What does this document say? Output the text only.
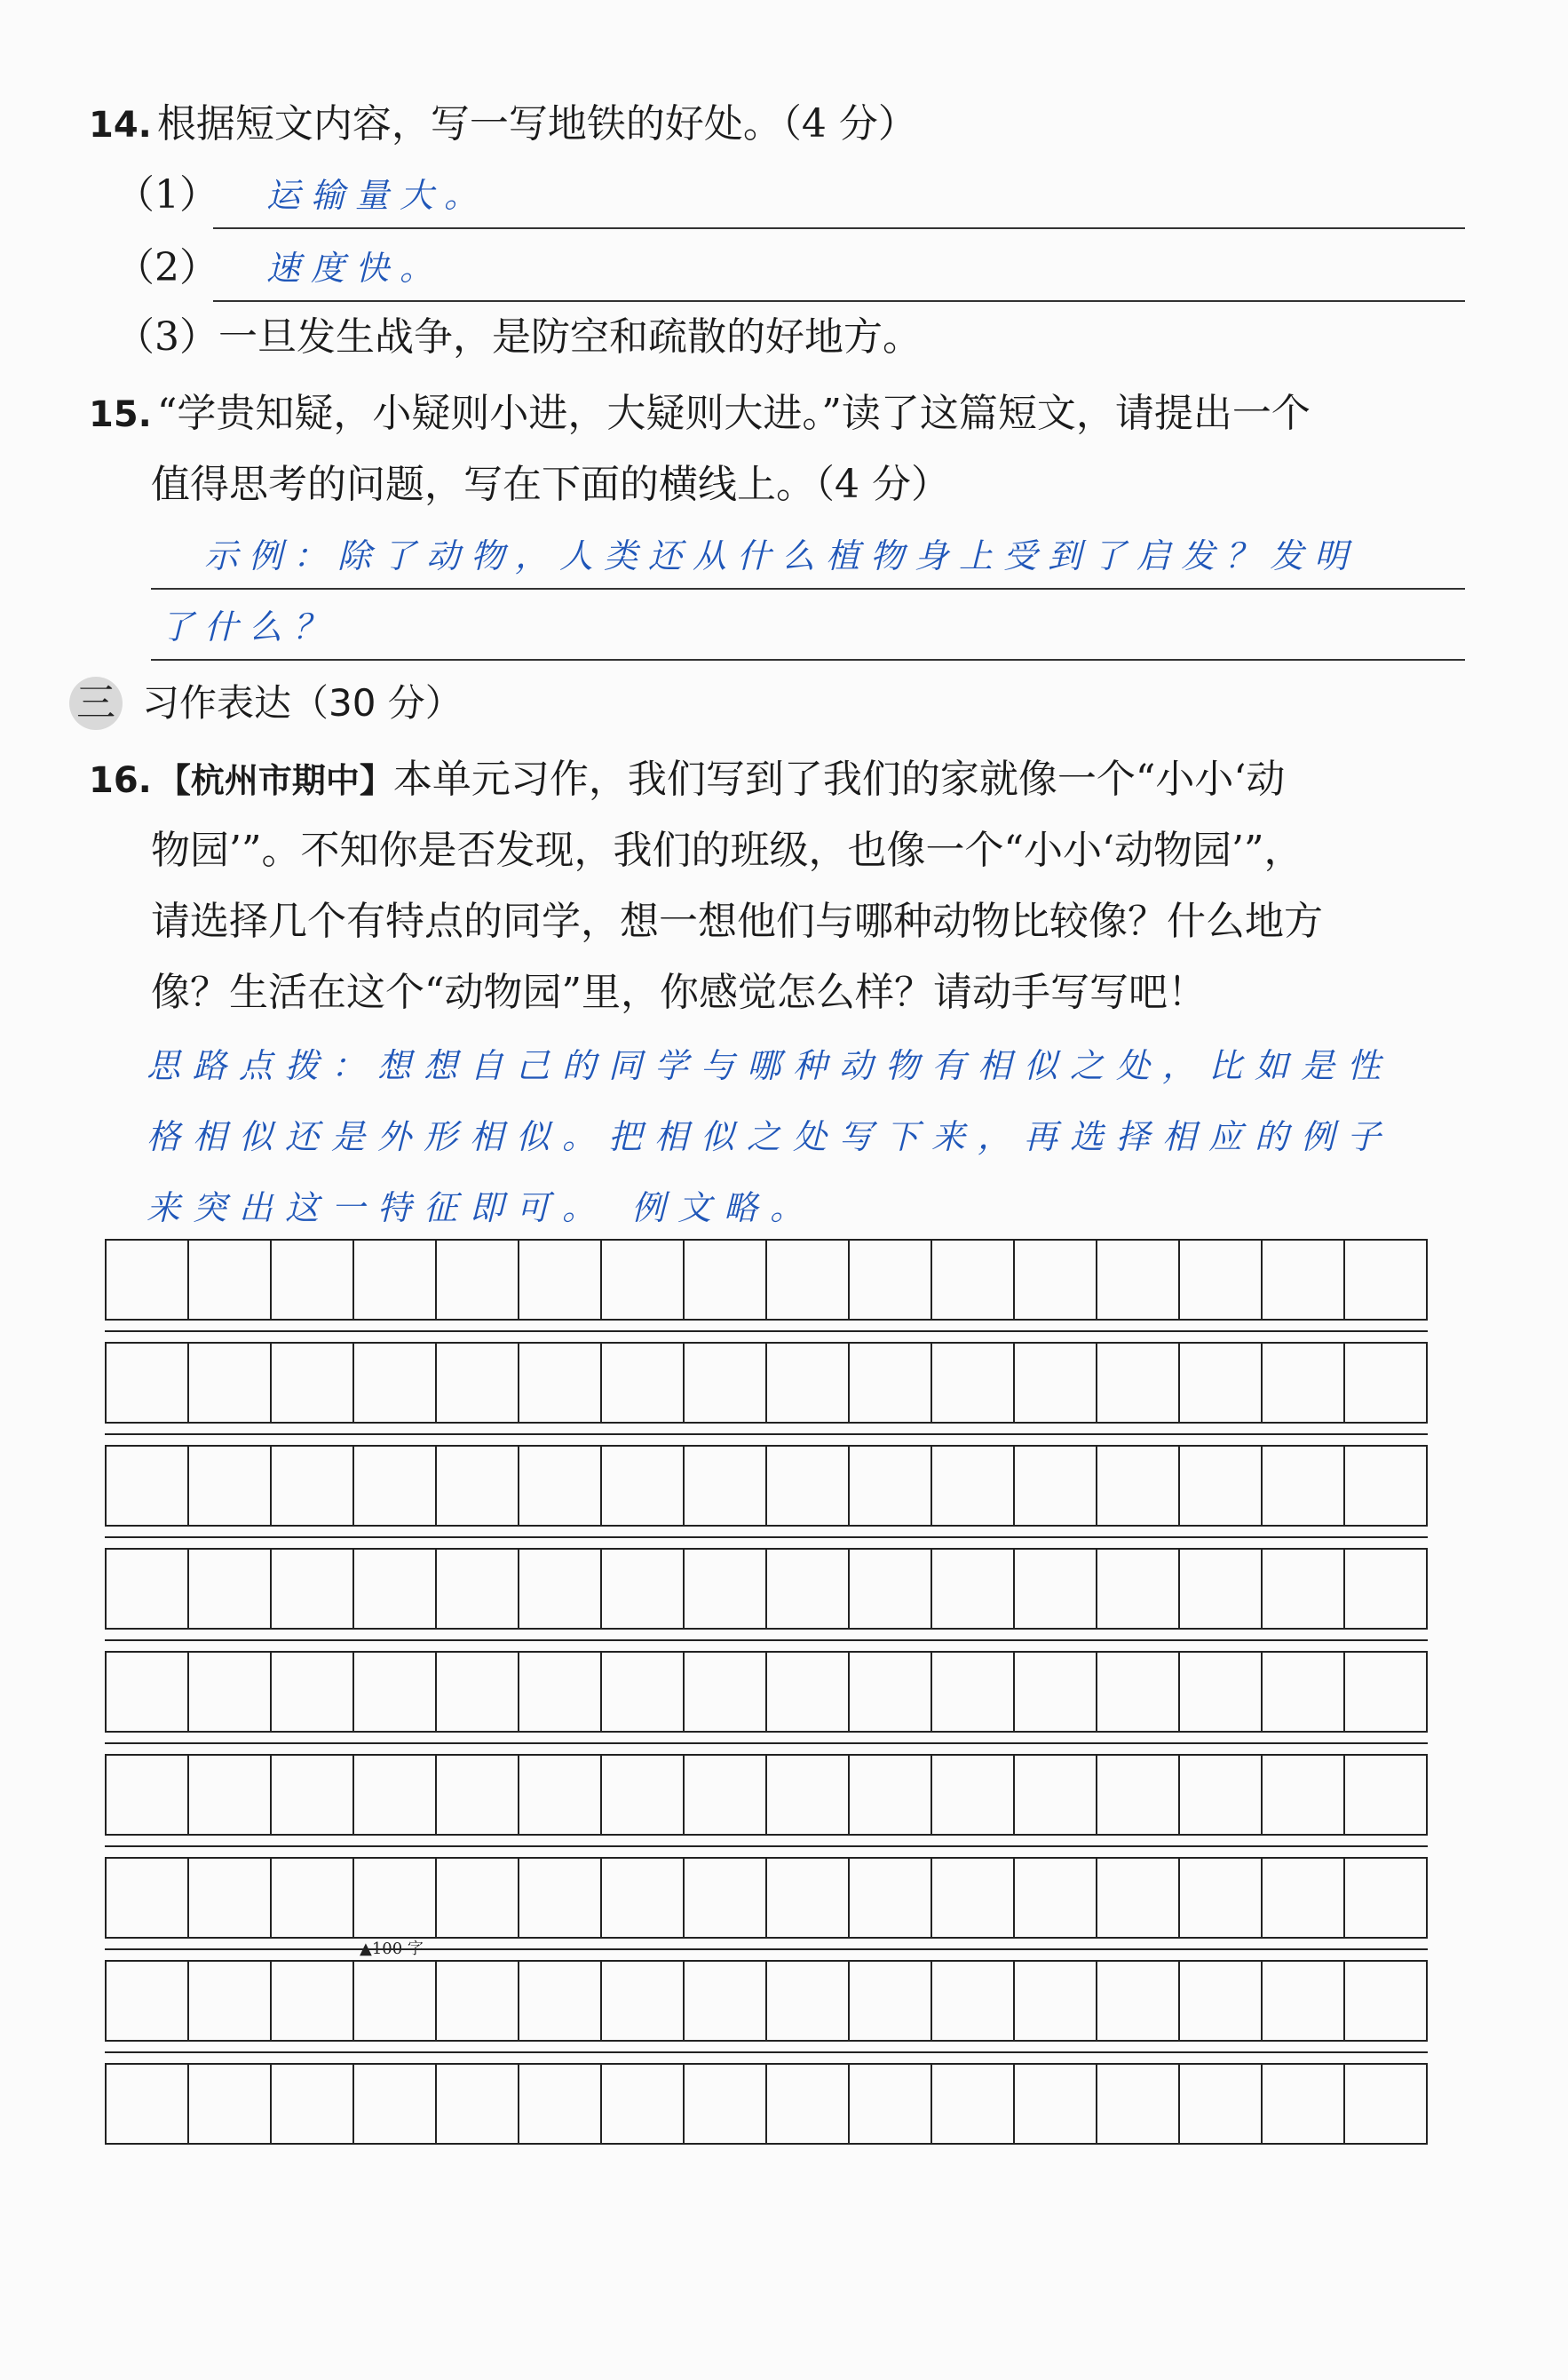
14. 根据短文内容，写一写地铁的好处。（4 分）
（1） 运输量大。
（2） 速度快。
（3）一旦发生战争，是防空和疏散的好地方。
15. “学贵知疑，小疑则小进，大疑则大进。”读了这篇短文，请提出一个
值得思考的问题，写在下面的横线上。（4 分）
示例：除了动物，人类还从什么植物身上受到了启发？发明
了什么？
三 习作表达（30 分）
16. 【杭州市期中】本单元习作，我们写到了我们的家就像一个“小小‘动
物园’”。不知你是否发现，我们的班级，也像一个“小小‘动物园’”，
请选择几个有特点的同学，想一想他们与哪种动物比较像？什么地方
像？生活在这个“动物园”里，你感觉怎么样？请动手写写吧！
思路点拨：想想自己的同学与哪种动物有相似之处，比如是性
格相似还是外形相似。把相似之处写下来，再选择相应的例子
来突出这一特征即可。 例文略。
▲100 字
